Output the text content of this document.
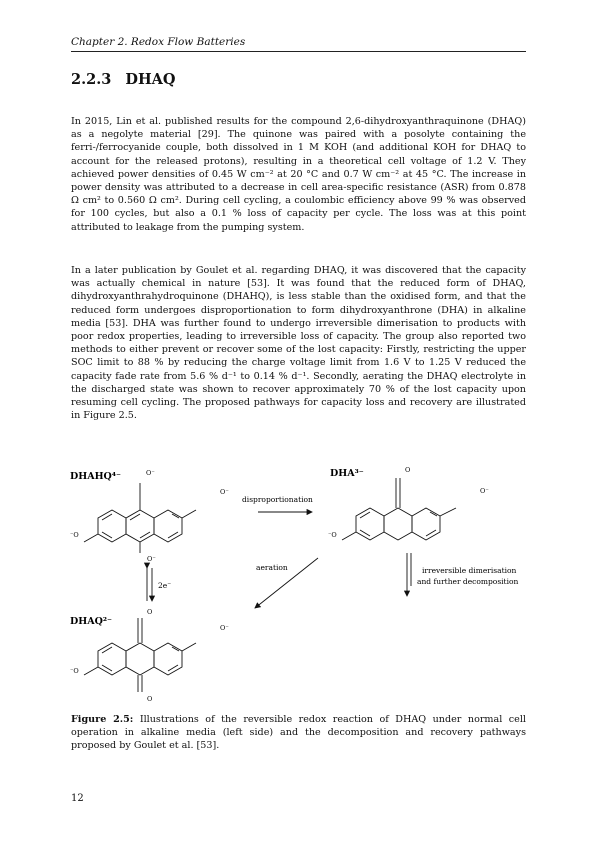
Chapter 2. Redox Flow Batteries
2.2.3 DHAQ

In 2015, Lin et al. published results for the compound 2,6-dihydroxyanthraquinone (DHAQ) as a negolyte material [29]. The quinone was paired with a posolyte containing the ferri-/ferrocyanide couple, both dissolved in 1 M KOH (and additional KOH for DHAQ to account for the released protons), resulting in a theoretical cell voltage of 1.2 V. They achieved power densities of 0.45 W cm⁻² at 20 °C and 0.7 W cm⁻² at 45 °C. The increase in power density was attributed to a decrease in cell area-specific resistance (ASR) from 0.878 Ω cm² to 0.560 Ω cm². During cell cycling, a coulombic efficiency above 99 % was observed for 100 cycles, but also a 0.1 % loss of capacity per cycle. The loss was at this point attributed to leakage from the pumping system.

In a later publication by Goulet et al. regarding DHAQ, it was discovered that the capacity was actually chemical in nature [53]. It was found that the reduced form of DHAQ, dihydroxyanthrahydroquinone (DHAHQ), is less stable than the oxidised form, and that the reduced form undergoes disproportionation to form dihydroxyanthrone (DHA) in alkaline media [53]. DHA was further found to undergo irreversible dimerisation to products with poor redox properties, leading to irreversible loss of capacity. The group also reported two methods to either prevent or recover some of the lost capacity: Firstly, restricting the upper SOC limit to 88 % by reducing the charge voltage limit from 1.6 V to 1.25 V reduced the capacity fade rate from 5.6 % d⁻¹ to 0.14 % d⁻¹. Secondly, aerating the DHAQ electrolyte in the discharged state was shown to recover approximately 70 % of the lost capacity upon resuming cell cycling. The proposed pathways for capacity loss and recovery are illustrated in Figure 2.5.

DHAHQ⁴⁻	O⁻
O⁻
⁻O
O⁻
disproportionation
DHA³⁻	O
O⁻
⁻O
2e⁻
aeration	irreversible dimerisation
and further decomposition
DHAQ²⁻
O
O⁻
⁻O
O

Figure 2.5: Illustrations of the reversible redox reaction of DHAQ under normal cell operation in alkaline media (left side) and the decomposition and recovery pathways proposed by Goulet et al. [53].

12
